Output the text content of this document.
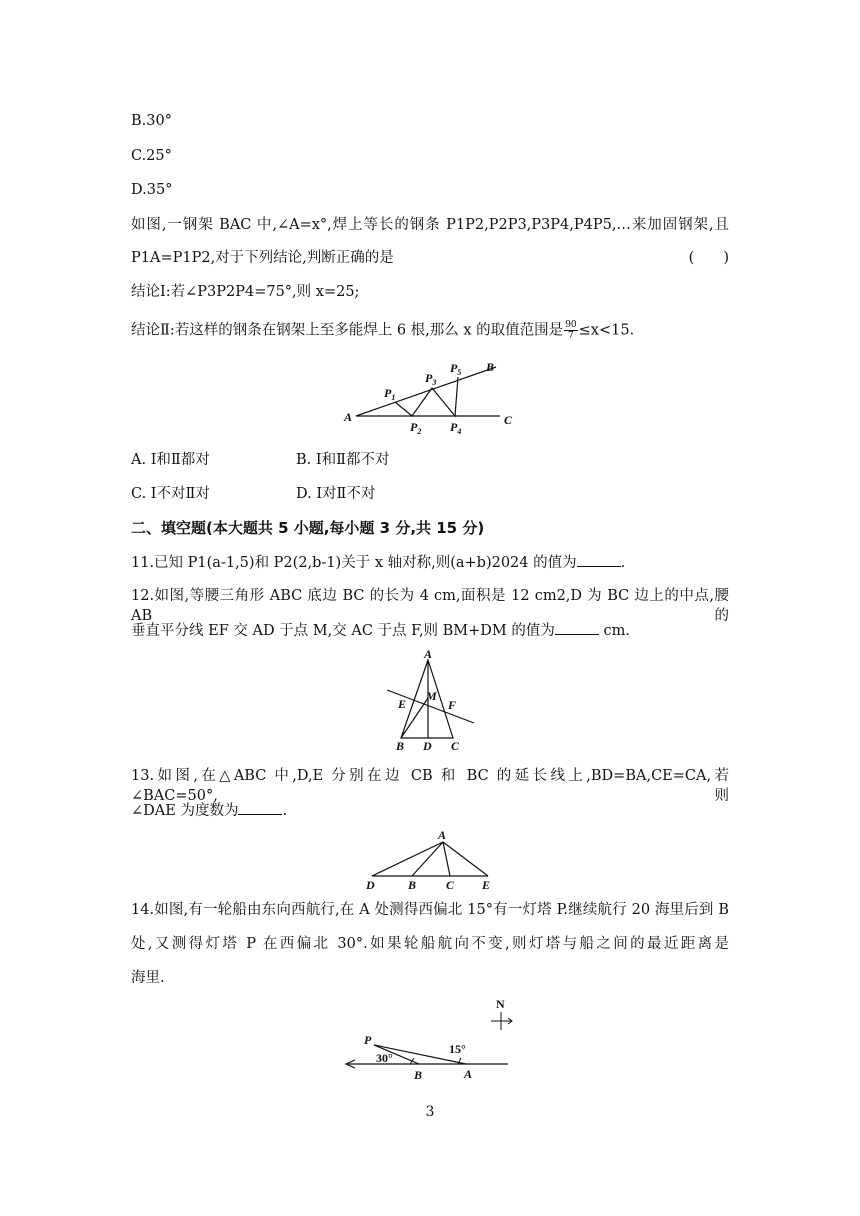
B.30°
C.25°
D.35°
如图,一钢架 BAC 中,∠A=x°,焊上等长的钢条 P1P2,P2P3,P3P4,P4P5,…来加固钢架,且
P1A=P1P2,对于下列结论,判断正确的是	(　　)
结论Ⅰ:若∠P3P2P4=75°,则 x=25;
结论Ⅱ:若这样的钢条在钢架上至多能焊上 6 根,那么 x 的取值范围是 $\frac{90}{7} \le x<15$.
A
$P_1$
$P_2$
$P_3$
$P_4$
$P_5$ B
C
A. Ⅰ和Ⅱ都对	B. Ⅰ和Ⅱ都不对
C. Ⅰ不对Ⅱ对	D. Ⅰ对Ⅱ不对
二、填空题(本大题共 5 小题,每小题 3 分,共 15 分)
11.已知 P1(a-1,5)和 P2(2,b-1)关于 x 轴对称,则(a+b)2024 的值为	.
12.如图,等腰三角形 ABC 底边 BC 的长为 4 cm,面积是 12 cm2,D 为 BC 边上的中点,腰 AB 的
垂直平分线 EF 交 AD 于点 M,交 AC 于点 F,则 BM+DM 的值为	cm.
A
E
M
F
B D C
13.如图,在△ABC 中,D,E 分别在边 CB 和 BC 的延长线上,BD=BA,CE=CA,若∠BAC=50°,则
∠DAE 为度数为	.
A
D	B C E
14.如图,有一轮船由东向西航行,在 A 处测得西偏北 15°有一灯塔 P.继续航行 20 海里后到 B
处,又测得灯塔 P 在西偏北 30°.如果轮船航向不变,则灯塔与船之间的最近距离是
海里.
N
P
30°
15°
B	A
3
